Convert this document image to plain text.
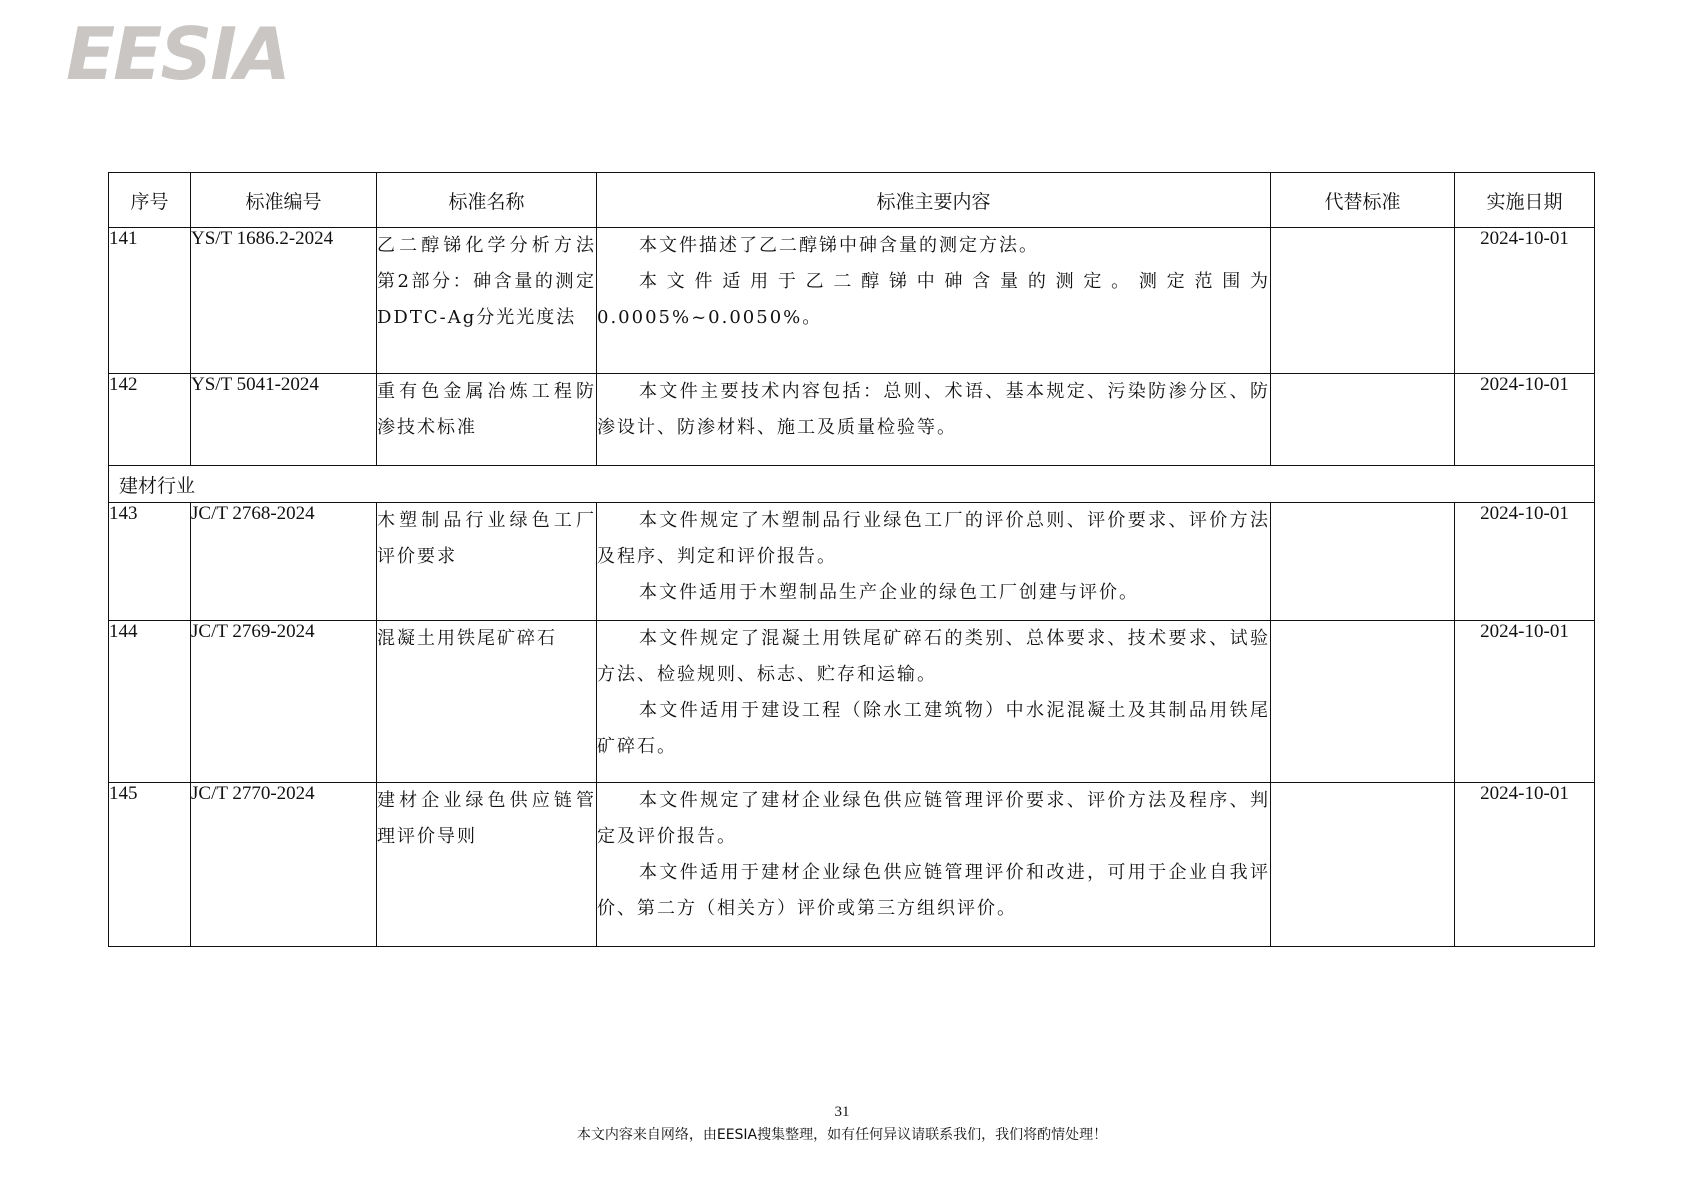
EESIA
序号	标准编号	标准名称	标准主要内容	代替标准	实施日期
141	YS/T 1686.2-2024	乙二醇锑化学分析方法 第2部分：砷含量的测定 DDTC-Ag分光光度法	本文件描述了乙二醇锑中砷含量的测定方法。

本文件适用于乙二醇锑中砷含量的测定。测定范围为0.0005%~0.0050%。		2024-10-01
142	YS/T 5041-2024	重有色金属冶炼工程防渗技术标准	本文件主要技术内容包括：总则、术语、基本规定、污染防渗分区、防渗设计、防渗材料、施工及质量检验等。		2024-10-01
建材行业					
143	JC/T 2768-2024	木塑制品行业绿色工厂评价要求	本文件规定了木塑制品行业绿色工厂的评价总则、评价要求、评价方法及程序、判定和评价报告。

本文件适用于木塑制品生产企业的绿色工厂创建与评价。		2024-10-01
144	JC/T 2769-2024	混凝土用铁尾矿碎石	本文件规定了混凝土用铁尾矿碎石的类别、总体要求、技术要求、试验方法、检验规则、标志、贮存和运输。

本文件适用于建设工程（除水工建筑物）中水泥混凝土及其制品用铁尾矿碎石。		2024-10-01
145	JC/T 2770-2024	建材企业绿色供应链管理评价导则	本文件规定了建材企业绿色供应链管理评价要求、评价方法及程序、判定及评价报告。

本文件适用于建材企业绿色供应链管理评价和改进，可用于企业自我评价、第二方（相关方）评价或第三方组织评价。		2024-10-01
31
本文内容来自网络，由EESIA搜集整理，如有任何异议请联系我们，我们将酌情处理！
